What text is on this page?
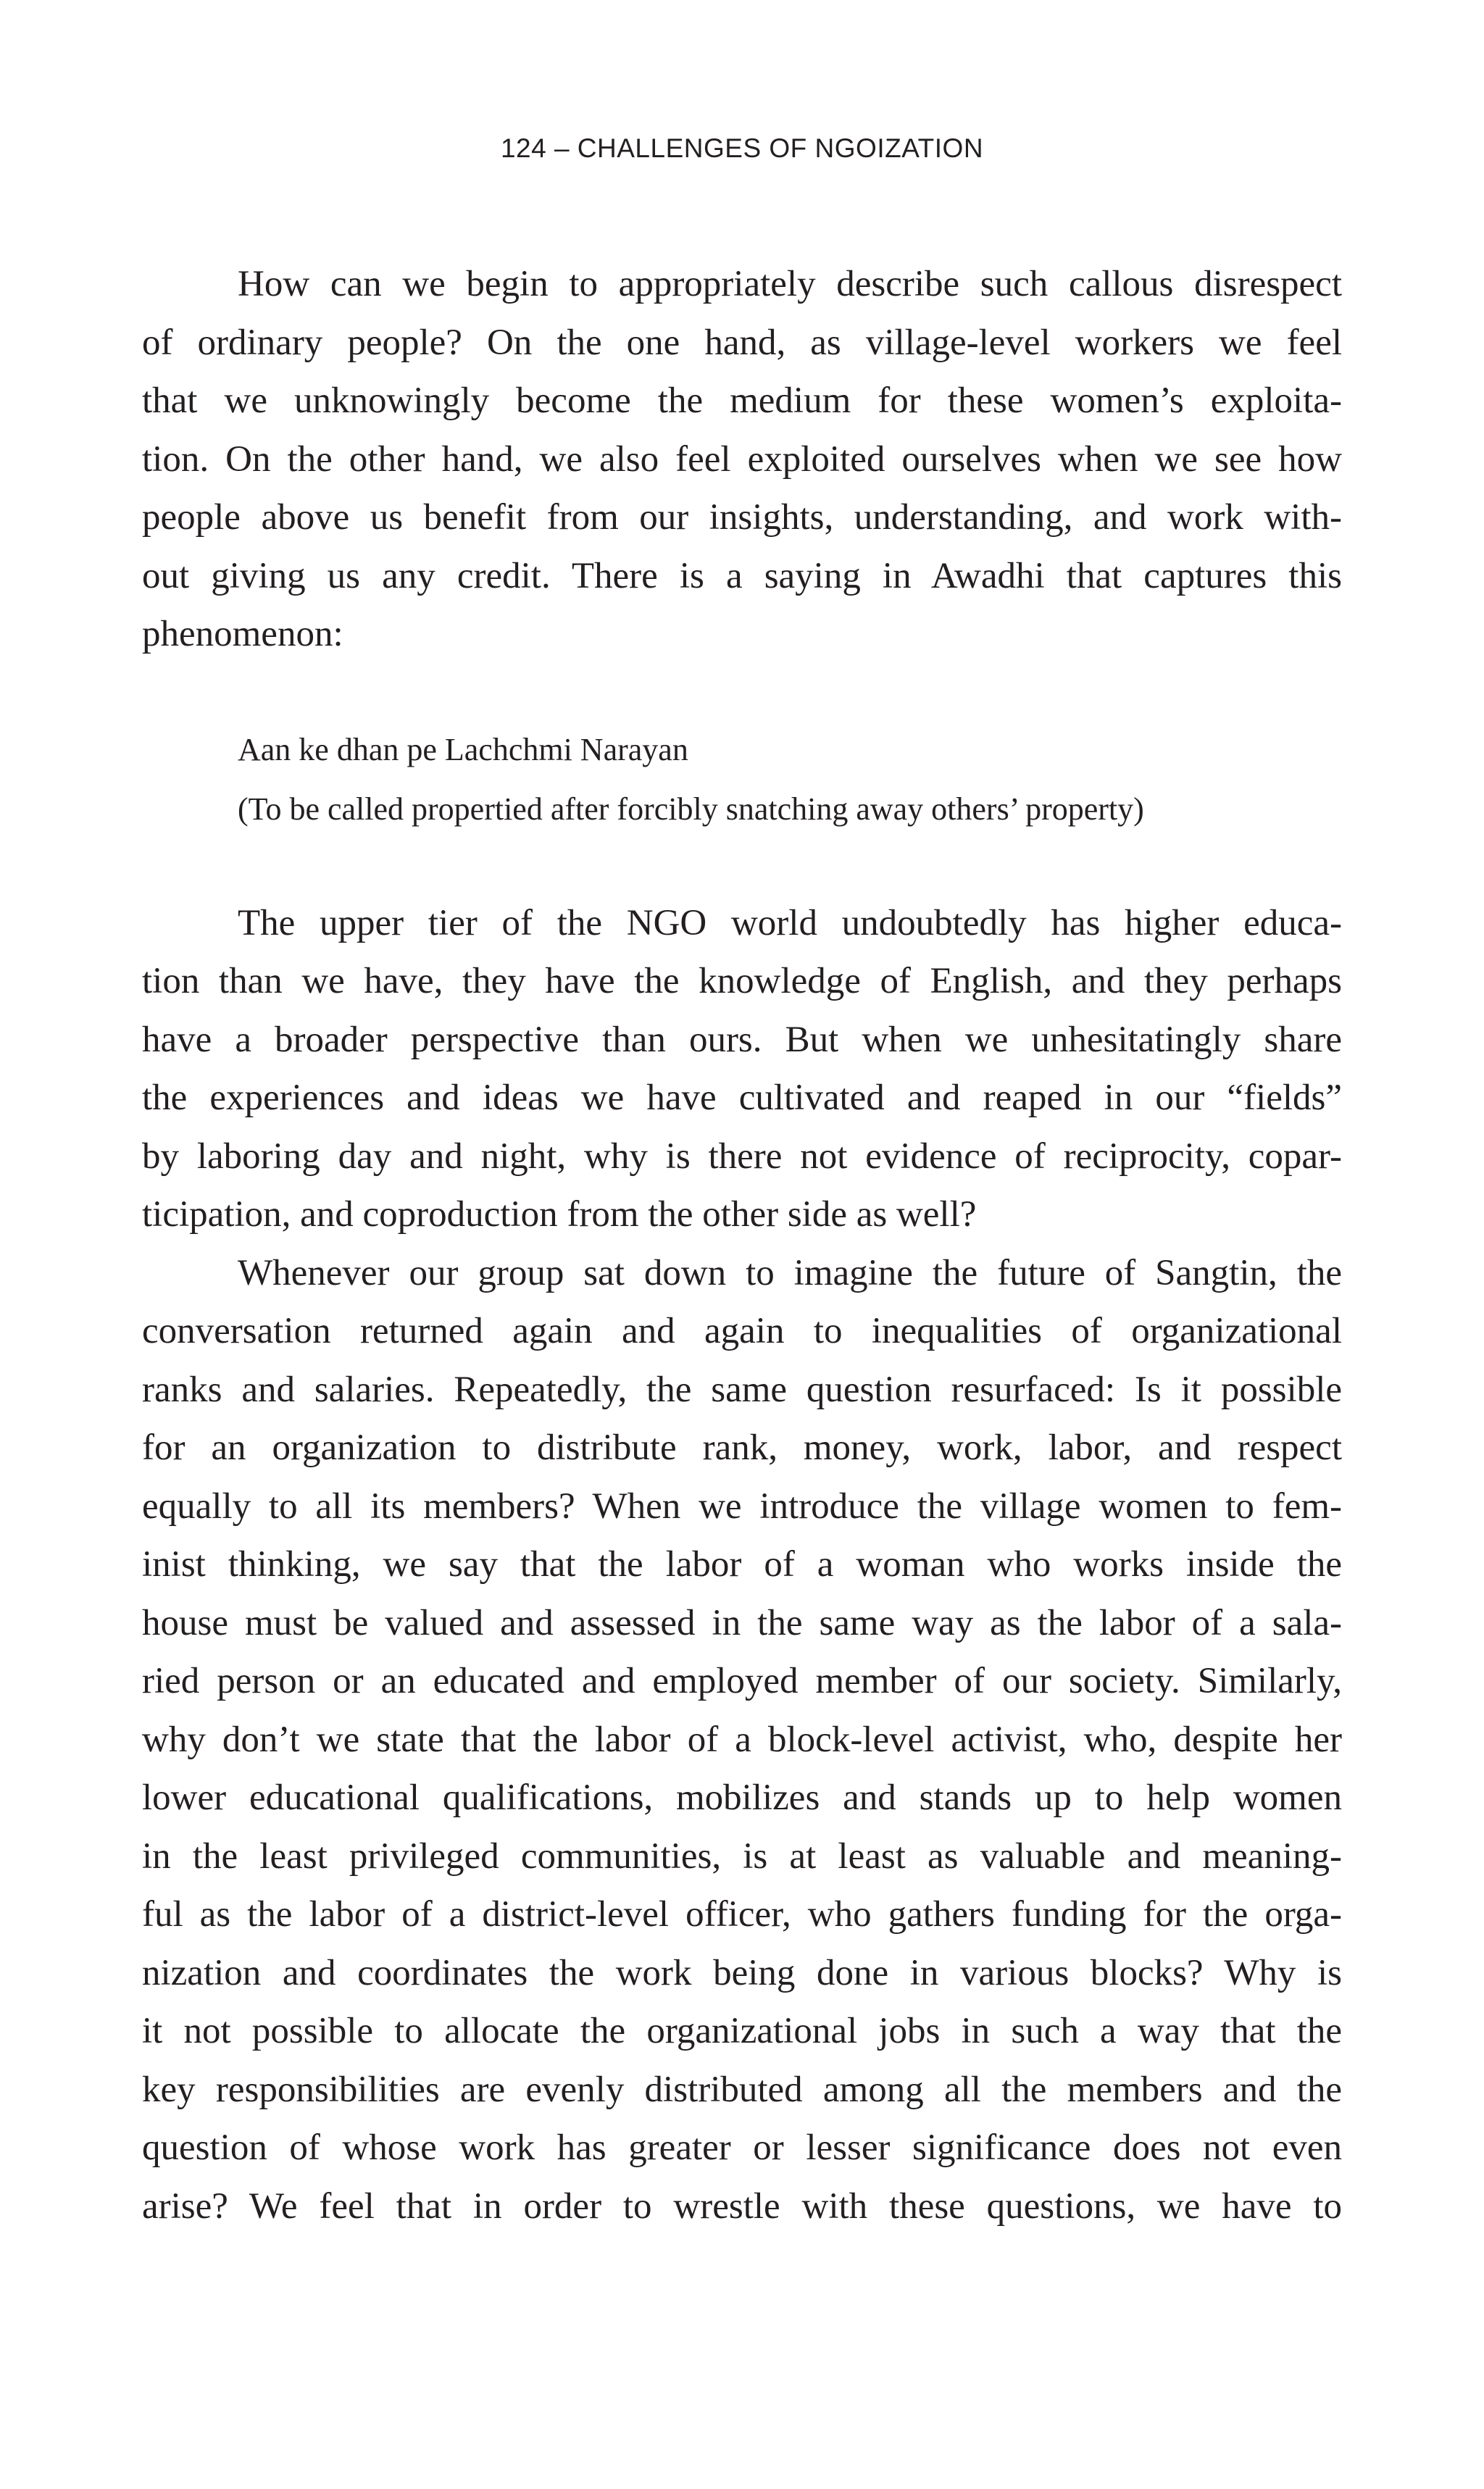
124 – CHALLENGES OF NGOIZATION
How can we begin to appropriately describe such callous disrespect
of ordinary people? On the one hand, as village-level workers we feel
that we unknowingly become the medium for these women’s exploita-
tion. On the other hand, we also feel exploited ourselves when we see how
people above us benefit from our insights, understanding, and work with-
out giving us any credit. There is a saying in Awadhi that captures this
phenomenon:
Aan ke dhan pe Lachchmi Narayan
(To be called propertied after forcibly snatching away others’ property)
The upper tier of the NGO world undoubtedly has higher educa-
tion than we have, they have the knowledge of English, and they perhaps
have a broader perspective than ours. But when we unhesitatingly share
the experiences and ideas we have cultivated and reaped in our “fields”
by laboring day and night, why is there not evidence of reciprocity, copar-
ticipation, and coproduction from the other side as well?
Whenever our group sat down to imagine the future of Sangtin, the
conversation returned again and again to inequalities of organizational
ranks and salaries. Repeatedly, the same question resurfaced: Is it possible
for an organization to distribute rank, money, work, labor, and respect
equally to all its members? When we introduce the village women to fem-
inist thinking, we say that the labor of a woman who works inside the
house must be valued and assessed in the same way as the labor of a sala-
ried person or an educated and employed member of our society. Similarly,
why don’t we state that the labor of a block-level activist, who, despite her
lower educational qualifications, mobilizes and stands up to help women
in the least privileged communities, is at least as valuable and meaning-
ful as the labor of a district-level officer, who gathers funding for the orga-
nization and coordinates the work being done in various blocks? Why is
it not possible to allocate the organizational jobs in such a way that the
key responsibilities are evenly distributed among all the members and the
question of whose work has greater or lesser significance does not even
arise? We feel that in order to wrestle with these questions, we have to
